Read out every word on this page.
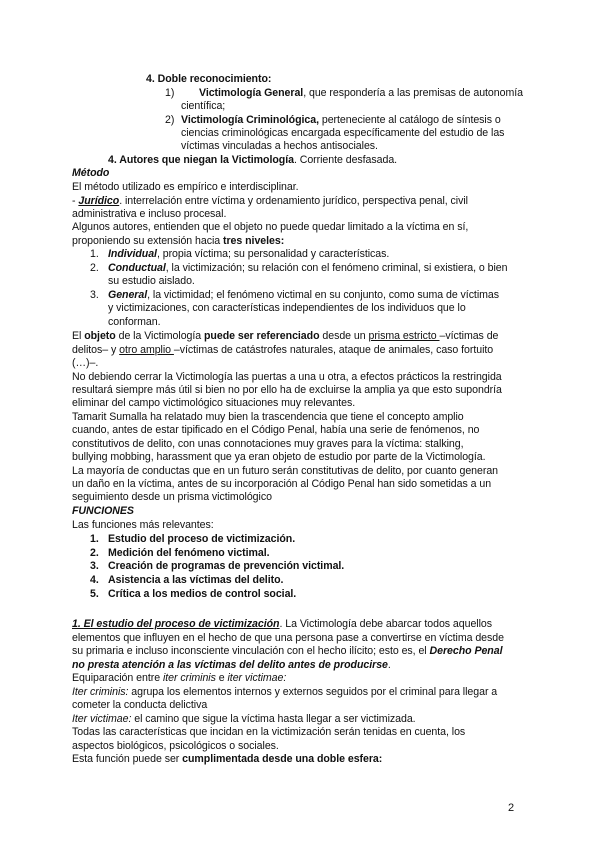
4. Doble reconocimiento:
1) Victimología General, que respondería a las premisas de autonomía
científica;
2) Victimología Criminológica, perteneciente al catálogo de síntesis o
ciencias criminológicas encargada específicamente del estudio de las
víctimas vinculadas a hechos antisociales.
4. Autores que niegan la Victimología. Corriente desfasada.
Método
El método utilizado es empírico e interdisciplinar.
- Jurídico. interrelación entre víctima y ordenamiento jurídico, perspectiva penal, civil
administrativa e incluso procesal.
Algunos autores, entienden que el objeto no puede quedar limitado a la víctima en sí,
proponiendo su extensión hacia tres niveles:
1. Individual, propia víctima; su personalidad y características.
2. Conductual, la victimización; su relación con el fenómeno criminal, si existiera, o bien
su estudio aislado.
3. General, la victimidad; el fenómeno victimal en su conjunto, como suma de víctimas
y victimizaciones, con características independientes de los individuos que lo
conforman.
El objeto de la Victimología puede ser referenciado desde un prisma estricto –víctimas de
delitos– y otro amplio –víctimas de catástrofes naturales, ataque de animales, caso fortuito
(…)–.
No debiendo cerrar la Victimología las puertas a una u otra, a efectos prácticos la restringida
resultará siempre más útil si bien no por ello ha de excluirse la amplia ya que esto supondría
eliminar del campo victimológico situaciones muy relevantes.
Tamarit Sumalla ha relatado muy bien la trascendencia que tiene el concepto amplio
cuando, antes de estar tipificado en el Código Penal, había una serie de fenómenos, no
constitutivos de delito, con unas connotaciones muy graves para la víctima: stalking,
bullying mobbing, harassment que ya eran objeto de estudio por parte de la Victimología.
La mayoría de conductas que en un futuro serán constitutivas de delito, por cuanto generan
un daño en la víctima, antes de su incorporación al Código Penal han sido sometidas a un
seguimiento desde un prisma victimológico
FUNCIONES
Las funciones más relevantes:
1. Estudio del proceso de victimización.
2. Medición del fenómeno victimal.
3. Creación de programas de prevención victimal.
4. Asistencia a las víctimas del delito.
5. Crítica a los medios de control social.
1. El estudio del proceso de victimización. La Victimología debe abarcar todos aquellos
elementos que influyen en el hecho de que una persona pase a convertirse en víctima desde
su primaria e incluso inconsciente vinculación con el hecho ilícito; esto es, el Derecho Penal
no presta atención a las víctimas del delito antes de producirse.
Equiparación entre iter criminis e iter victimae:
Iter criminis: agrupa los elementos internos y externos seguidos por el criminal para llegar a
cometer la conducta delictiva
Iter victimae: el camino que sigue la víctima hasta llegar a ser victimizada.
Todas las características que incidan en la victimización serán tenidas en cuenta, los
aspectos biológicos, psicológicos o sociales.
Esta función puede ser cumplimentada desde una doble esfera:
2
